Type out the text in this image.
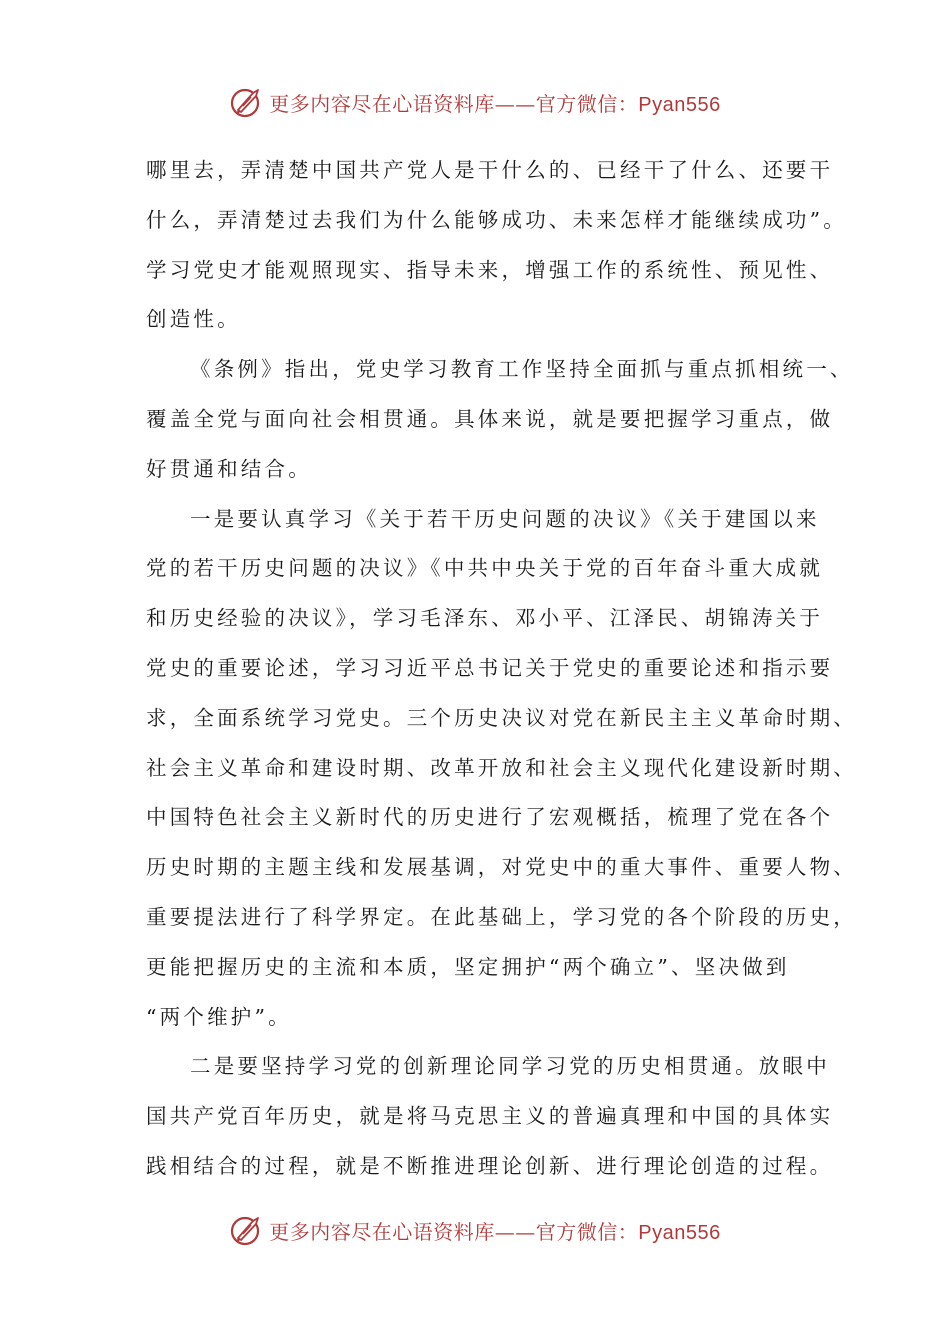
更多内容尽在心语资料库——官方微信：Pyan556
哪里去，弄清楚中国共产党人是干什么的、已经干了什么、还要干
什么，弄清楚过去我们为什么能够成功、未来怎样才能继续成功”。
学习党史才能观照现实、指导未来，增强工作的系统性、预见性、
创造性。
《条例》指出，党史学习教育工作坚持全面抓与重点抓相统一、
覆盖全党与面向社会相贯通。具体来说，就是要把握学习重点，做
好贯通和结合。
一是要认真学习《关于若干历史问题的决议》《关于建国以来
党的若干历史问题的决议》《中共中央关于党的百年奋斗重大成就
和历史经验的决议》，学习毛泽东、邓小平、江泽民、胡锦涛关于
党史的重要论述，学习习近平总书记关于党史的重要论述和指示要
求，全面系统学习党史。三个历史决议对党在新民主主义革命时期、
社会主义革命和建设时期、改革开放和社会主义现代化建设新时期、
中国特色社会主义新时代的历史进行了宏观概括，梳理了党在各个
历史时期的主题主线和发展基调，对党史中的重大事件、重要人物、
重要提法进行了科学界定。在此基础上，学习党的各个阶段的历史，
更能把握历史的主流和本质，坚定拥护“两个确立”、坚决做到
“两个维护”。
二是要坚持学习党的创新理论同学习党的历史相贯通。放眼中
国共产党百年历史，就是将马克思主义的普遍真理和中国的具体实
践相结合的过程，就是不断推进理论创新、进行理论创造的过程。
更多内容尽在心语资料库——官方微信：Pyan556
